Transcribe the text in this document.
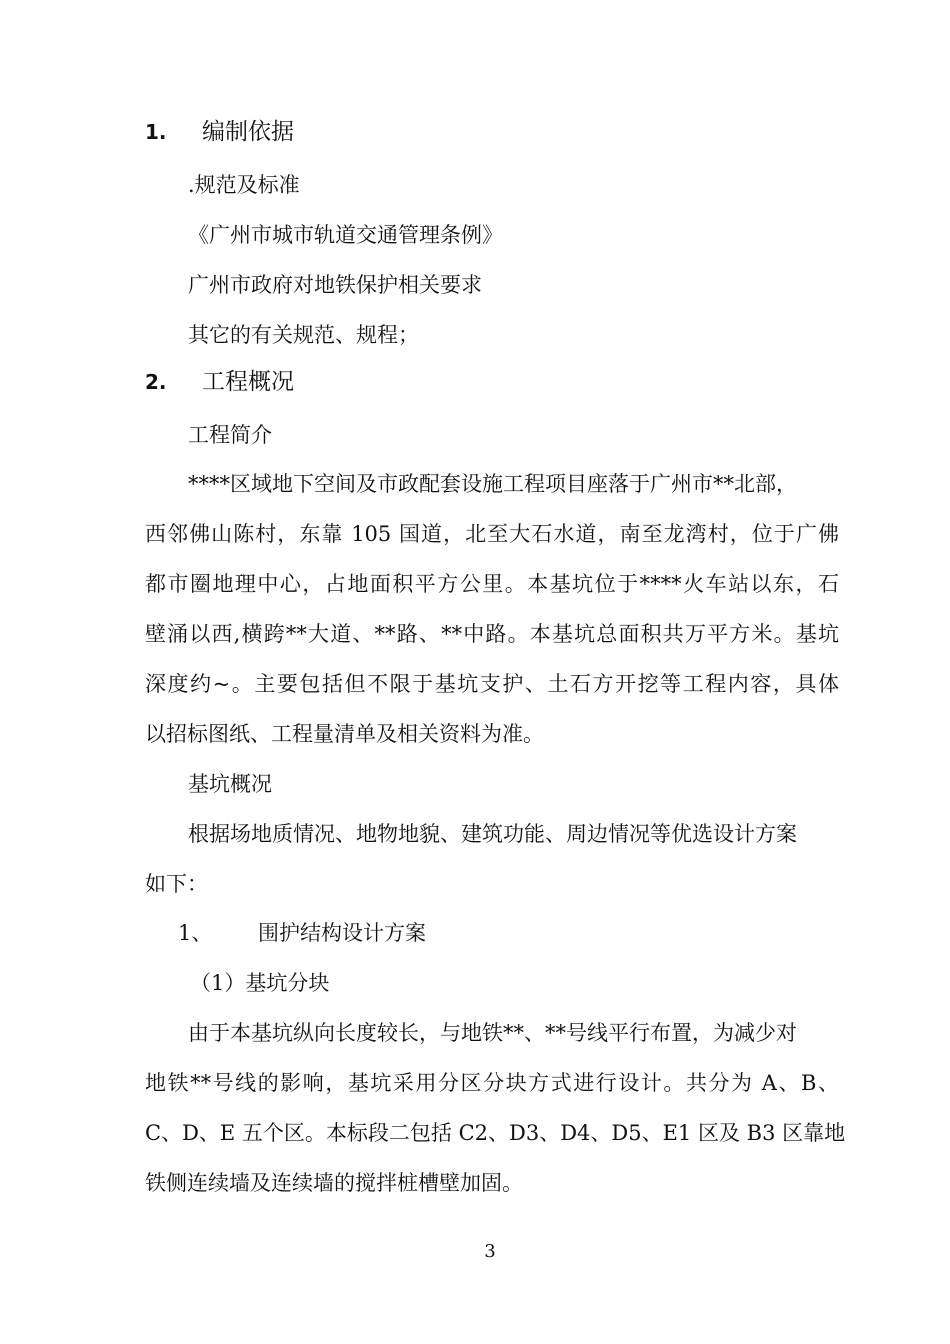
1. 编制依据
.规范及标准
《广州市城市轨道交通管理条例》
广州市政府对地铁保护相关要求
其它的有关规范、规程；
2. 工程概况
工程简介
****区域地下空间及市政配套设施工程项目座落于广州市**北部，
西邻佛山陈村，东靠 105 国道，北至大石水道，南至龙湾村，位于广佛
都市圈地理中心，占地面积平方公里。本基坑位于****火车站以东，石
壁涌以西,横跨**大道、**路、**中路。本基坑总面积共万平方米。基坑
深度约~。主要包括但不限于基坑支护、土石方开挖等工程内容，具体
以招标图纸、工程量清单及相关资料为准。
基坑概况
根据场地质情况、地物地貌、建筑功能、周边情况等优选设计方案
如下：
1、 围护结构设计方案
（1）基坑分块
由于本基坑纵向长度较长，与地铁**、**号线平行布置，为减少对
地铁**号线的影响，基坑采用分区分块方式进行设计。共分为 A、B、
C、D、E 五个区。本标段二包括 C2、D3、D4、D5、E1 区及 B3 区靠地
铁侧连续墙及连续墙的搅拌桩槽壁加固。
3
